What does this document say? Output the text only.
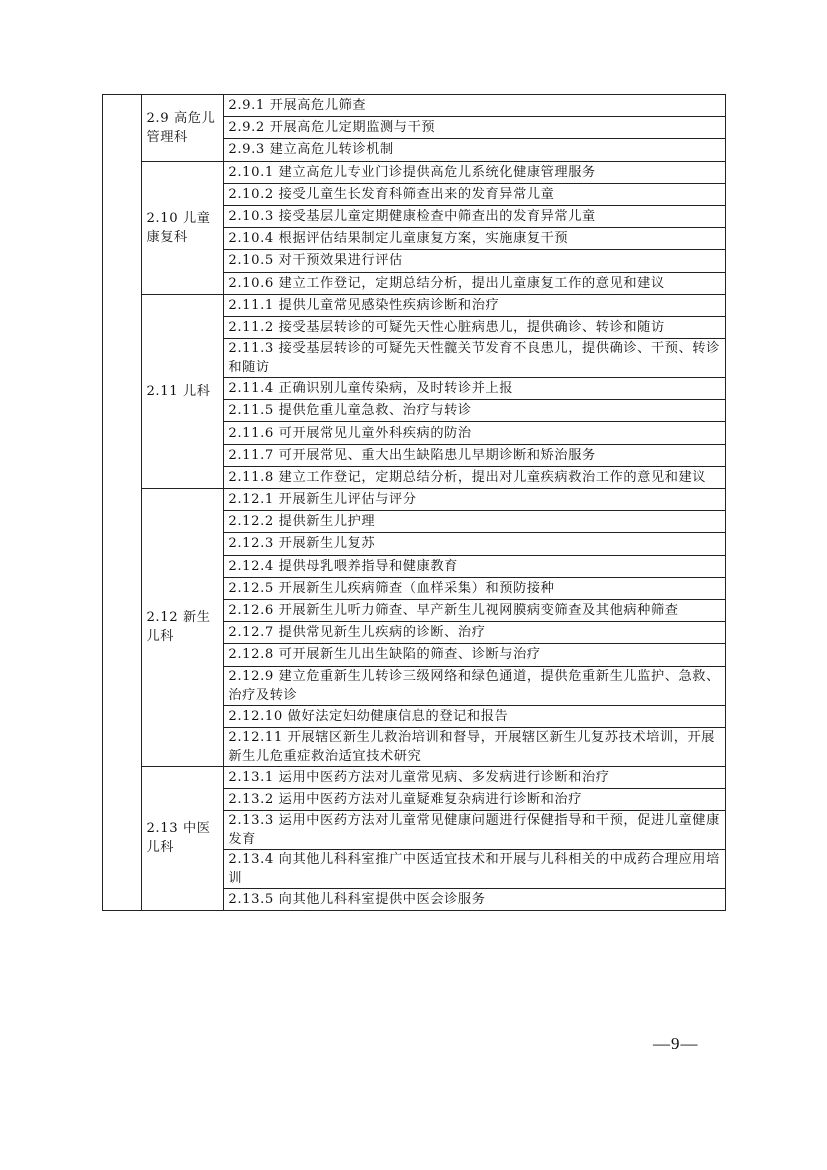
	2.9 高危儿管理科	2.9.1 开展高危儿筛查
		2.9.2 开展高危儿定期监测与干预
		2.9.3 建立高危儿转诊机制
	2.10 儿童康复科	2.10.1 建立高危儿专业门诊提供高危儿系统化健康管理服务
		2.10.2 接受儿童生长发育科筛查出来的发育异常儿童
		2.10.3 接受基层儿童定期健康检查中筛查出的发育异常儿童
		2.10.4 根据评估结果制定儿童康复方案，实施康复干预
		2.10.5 对干预效果进行评估
		2.10.6 建立工作登记，定期总结分析，提出儿童康复工作的意见和建议
	2.11 儿科	2.11.1 提供儿童常见感染性疾病诊断和治疗
		2.11.2 接受基层转诊的可疑先天性心脏病患儿，提供确诊、转诊和随访
		2.11.3 接受基层转诊的可疑先天性髋关节发育不良患儿，提供确诊、干预、转诊和随访
		2.11.4 正确识别儿童传染病，及时转诊并上报
		2.11.5 提供危重儿童急救、治疗与转诊
		2.11.6 可开展常见儿童外科疾病的防治
		2.11.7 可开展常见、重大出生缺陷患儿早期诊断和矫治服务
		2.11.8 建立工作登记，定期总结分析，提出对儿童疾病救治工作的意见和建议
	2.12 新生儿科	2.12.1 开展新生儿评估与评分
		2.12.2 提供新生儿护理
		2.12.3 开展新生儿复苏
		2.12.4 提供母乳喂养指导和健康教育
		2.12.5 开展新生儿疾病筛查（血样采集）和预防接种
		2.12.6 开展新生儿听力筛查、早产新生儿视网膜病变筛查及其他病种筛查
		2.12.7 提供常见新生儿疾病的诊断、治疗
		2.12.8 可开展新生儿出生缺陷的筛查、诊断与治疗
		2.12.9 建立危重新生儿转诊三级网络和绿色通道，提供危重新生儿监护、急救、治疗及转诊
		2.12.10 做好法定妇幼健康信息的登记和报告
		2.12.11 开展辖区新生儿救治培训和督导，开展辖区新生儿复苏技术培训，开展新生儿危重症救治适宜技术研究
	2.13 中医儿科	2.13.1 运用中医药方法对儿童常见病、多发病进行诊断和治疗
		2.13.2 运用中医药方法对儿童疑难复杂病进行诊断和治疗
		2.13.3 运用中医药方法对儿童常见健康问题进行保健指导和干预，促进儿童健康发育
		2.13.4 向其他儿科科室推广中医适宜技术和开展与儿科相关的中成药合理应用培训
		2.13.5 向其他儿科科室提供中医会诊服务
—9—
